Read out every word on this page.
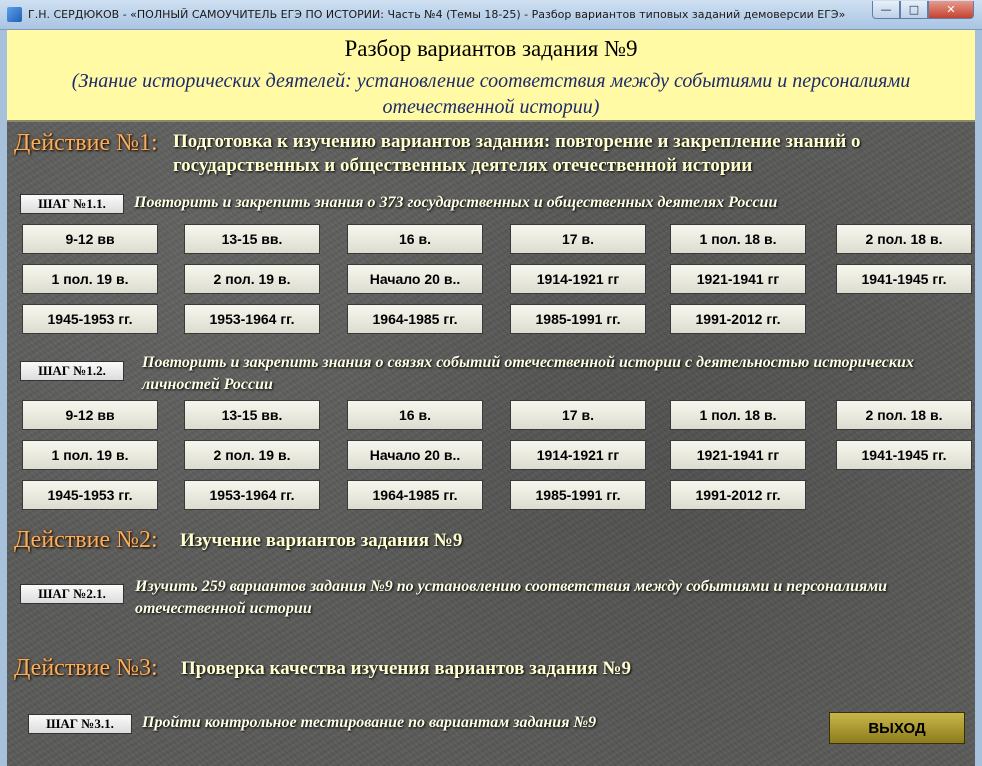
Г.Н. СЕРДЮКОВ - «ПОЛНЫЙ САМОУЧИТЕЛЬ ЕГЭ ПО ИСТОРИИ: Часть №4 (Темы 18-25) - Разбор вариантов типовых заданий демоверсии ЕГЭ»	—	□	✕
Разбор вариантов задания №9
(Знание исторических деятелей: установление соответствия между событиями и персоналиями отечественной истории)
Действие №1: Подготовка к изучению вариантов задания: повторение и закрепление знаний о государственных и общественных деятелях отечественной истории
ШАГ №1.1.	Повторить и закрепить знания о 373 государственных и общественных деятелях России
9-12 вв	13-15 вв.	16 в.	17 в.	1 пол. 18 в.	2 пол. 18 в.
1 пол. 19 в.	2 пол. 19 в.	Начало 20 в..	1914-1921 гг	1921-1941 гг	1941-1945 гг.
1945-1953 гг.	1953-1964 гг.	1964-1985 гг.	1985-1991 гг.	1991-2012 гг.
ШАГ №1.2.	Повторить и закрепить знания о связях событий отечественной истории с деятельностью исторических личностей России
9-12 вв	13-15 вв.	16 в.	17 в.	1 пол. 18 в.	2 пол. 18 в.
1 пол. 19 в.	2 пол. 19 в.	Начало 20 в..	1914-1921 гг	1921-1941 гг	1941-1945 гг.
1945-1953 гг.	1953-1964 гг.	1964-1985 гг.	1985-1991 гг.	1991-2012 гг.
Действие №2: Изучение вариантов задания №9
ШАГ №2.1.	Изучить 259 вариантов задания №9 по установлению соответствия между событиями и персоналиями отечественной истории
Действие №3: Проверка качества изучения вариантов задания №9
ШАГ №3.1.	Пройти контрольное тестирование по вариантам задания №9	ВЫХОД
